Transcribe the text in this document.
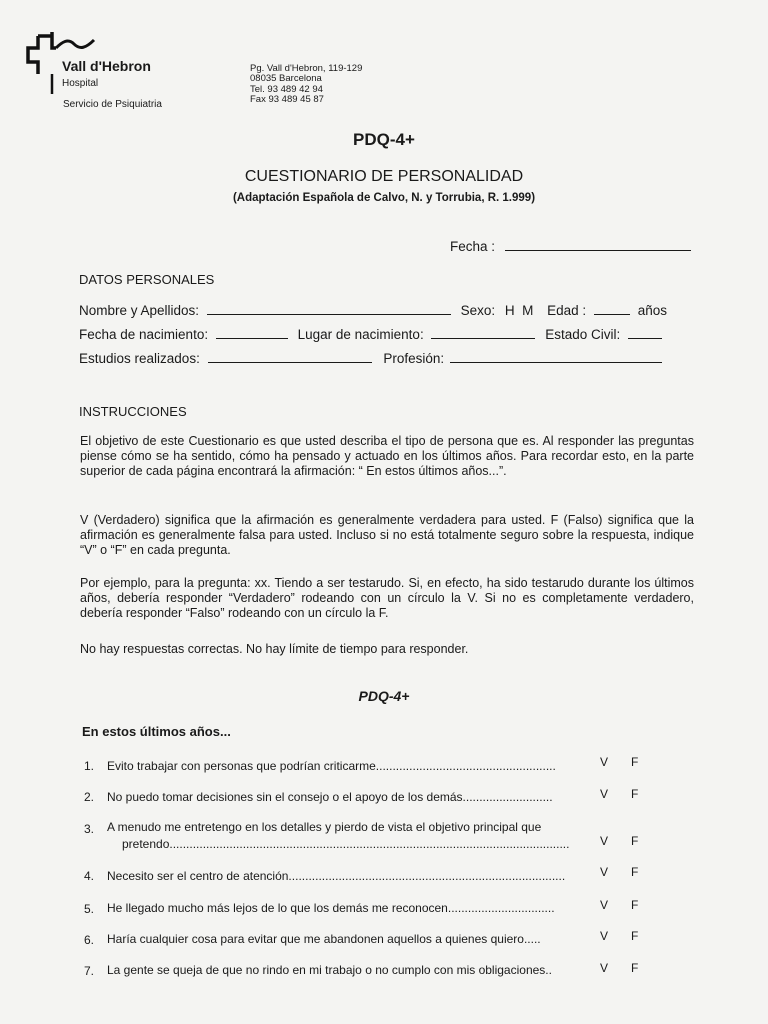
Vall d'Hebron
Hospital
Servicio de Psiquiatria
Pg. Vall d'Hebron, 119-129
08035 Barcelona
Tel. 93 489 42 94
Fax 93 489 45 87
PDQ-4+
CUESTIONARIO DE PERSONALIDAD
(Adaptación Española de Calvo, N. y Torrubia, R. 1.999)
Fecha :
DATOS PERSONALES
Nombre y Apellidos:	Sexo: H  M Edad :	años
Fecha de nacimiento:	Lugar de nacimiento:	Estado Civil:
Estudios realizados:	Profesión:
INSTRUCCIONES
El objetivo de este Cuestionario es que usted describa el tipo de persona que es. Al responder las preguntas piense cómo se ha sentido, cómo ha pensado y actuado en los últimos años. Para recordar esto, en la parte superior de cada página encontrará la afirmación: “ En estos últimos años...”.
V (Verdadero) significa que la afirmación es generalmente verdadera para usted. F (Falso) significa que la afirmación es generalmente falsa para usted. Incluso si no está totalmente seguro sobre la respuesta, indique “V” o “F” en cada pregunta.
Por ejemplo, para la pregunta: xx. Tiendo a ser testarudo. Si, en efecto, ha sido testarudo durante los últimos años, debería responder “Verdadero” rodeando con un círculo la V. Si no es completamente verdadero, debería responder “Falso” rodeando con un círculo la F.
No hay respuestas correctas. No hay límite de tiempo para responder.
PDQ-4+
En estos últimos años...
1.	Evito trabajar con personas que podrían criticarme......................................................	V F
2.	No puedo tomar decisiones sin el consejo o el apoyo de los demás...........................	V F
3.	A menudo me entretengo en los detalles y pierdo de vista el objetivo principal que
pretendo........................................................................................................................	V F
4.	Necesito ser el centro de atención...................................................................................	V F
5.	He llegado mucho más lejos de lo que los demás me reconocen................................	V F
6.	Haría cualquier cosa para evitar que me abandonen aquellos a quienes quiero.....	V F
7.	La gente se queja de que no rindo en mi trabajo o no cumplo con mis obligaciones..	V F
